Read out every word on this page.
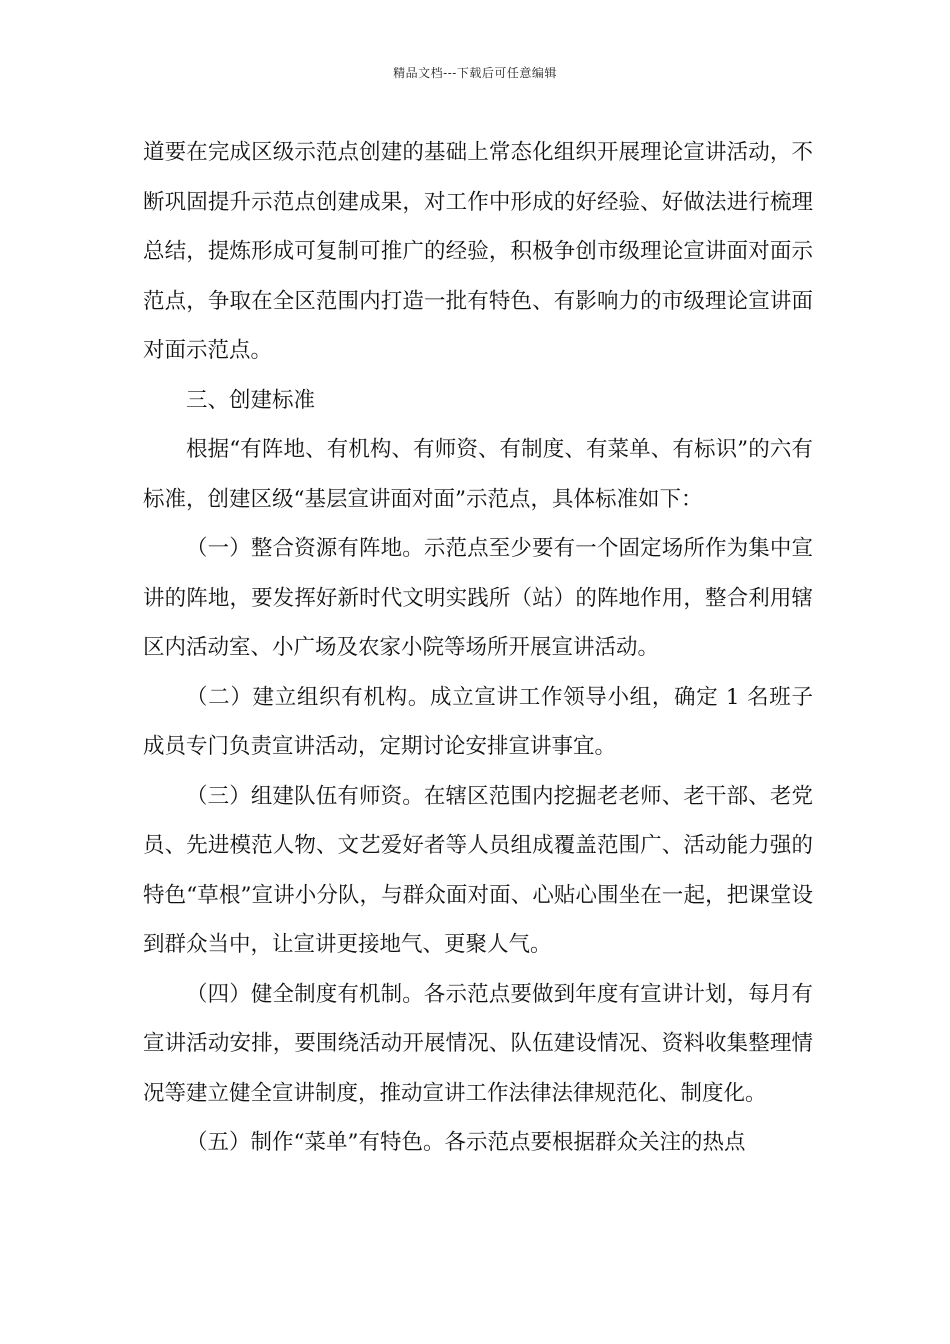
精品文档---下载后可任意编辑

道要在完成区级示范点创建的基础上常态化组织开展理论宣讲活动，不断巩固提升示范点创建成果，对工作中形成的好经验、好做法进行梳理总结，提炼形成可复制可推广的经验，积极争创市级理论宣讲面对面示范点，争取在全区范围内打造一批有特色、有影响力的市级理论宣讲面对面示范点。

三、创建标准

根据“有阵地、有机构、有师资、有制度、有菜单、有标识”的六有标准，创建区级“基层宣讲面对面”示范点，具体标准如下：

（一）整合资源有阵地。示范点至少要有一个固定场所作为集中宣讲的阵地，要发挥好新时代文明实践所（站）的阵地作用，整合利用辖区内活动室、小广场及农家小院等场所开展宣讲活动。

（二）建立组织有机构。成立宣讲工作领导小组，确定 1 名班子成员专门负责宣讲活动，定期讨论安排宣讲事宜。

（三）组建队伍有师资。在辖区范围内挖掘老老师、老干部、老党员、先进模范人物、文艺爱好者等人员组成覆盖范围广、活动能力强的特色“草根”宣讲小分队，与群众面对面、心贴心围坐在一起，把课堂设到群众当中，让宣讲更接地气、更聚人气。

（四）健全制度有机制。各示范点要做到年度有宣讲计划，每月有宣讲活动安排，要围绕活动开展情况、队伍建设情况、资料收集整理情况等建立健全宣讲制度，推动宣讲工作法律法律规范化、制度化。

（五）制作“菜单”有特色。各示范点要根据群众关注的热点
